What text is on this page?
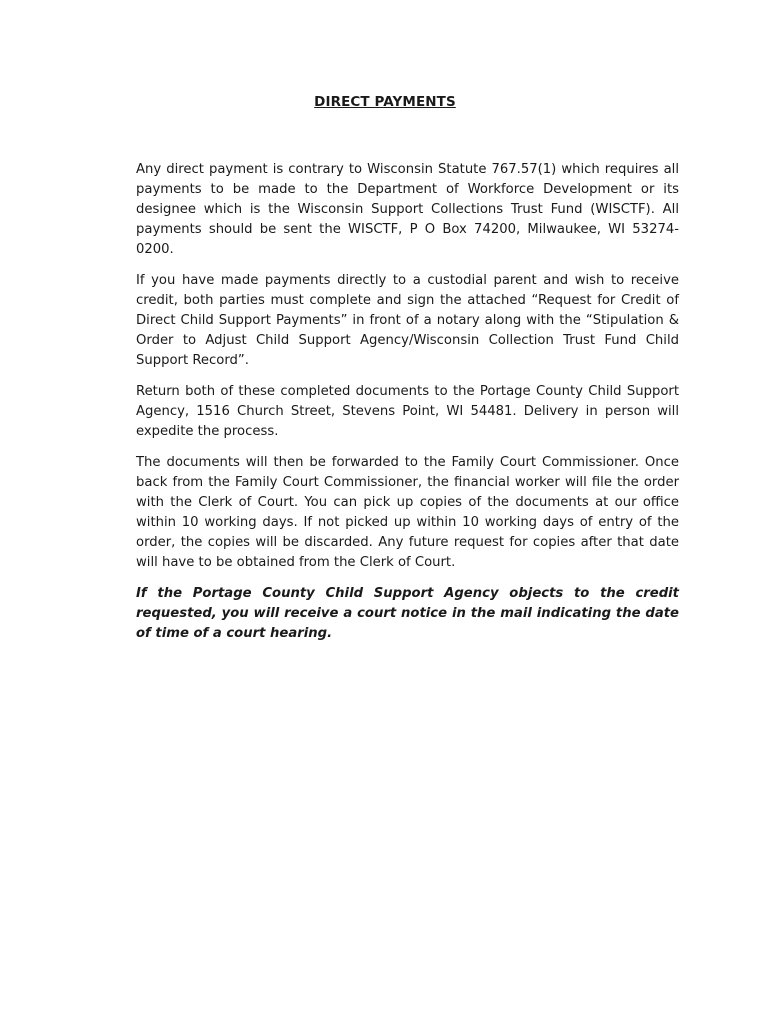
DIRECT PAYMENTS

Any direct payment is contrary to Wisconsin Statute 767.57(1) which requires all payments to be made to the Department of Workforce Development or its designee which is the Wisconsin Support Collections Trust Fund (WISCTF). All payments should be sent the WISCTF, P O Box 74200, Milwaukee, WI 53274-0200.

If you have made payments directly to a custodial parent and wish to receive credit, both parties must complete and sign the attached “Request for Credit of Direct Child Support Payments” in front of a notary along with the “Stipulation & Order to Adjust Child Support Agency/Wisconsin Collection Trust Fund Child Support Record”.

Return both of these completed documents to the Portage County Child Support Agency, 1516 Church Street, Stevens Point, WI 54481. Delivery in person will expedite the process.

The documents will then be forwarded to the Family Court Commissioner. Once back from the Family Court Commissioner, the financial worker will file the order with the Clerk of Court. You can pick up copies of the documents at our office within 10 working days. If not picked up within 10 working days of entry of the order, the copies will be discarded. Any future request for copies after that date will have to be obtained from the Clerk of Court.

If the Portage County Child Support Agency objects to the credit requested, you will receive a court notice in the mail indicating the date of time of a court hearing.
